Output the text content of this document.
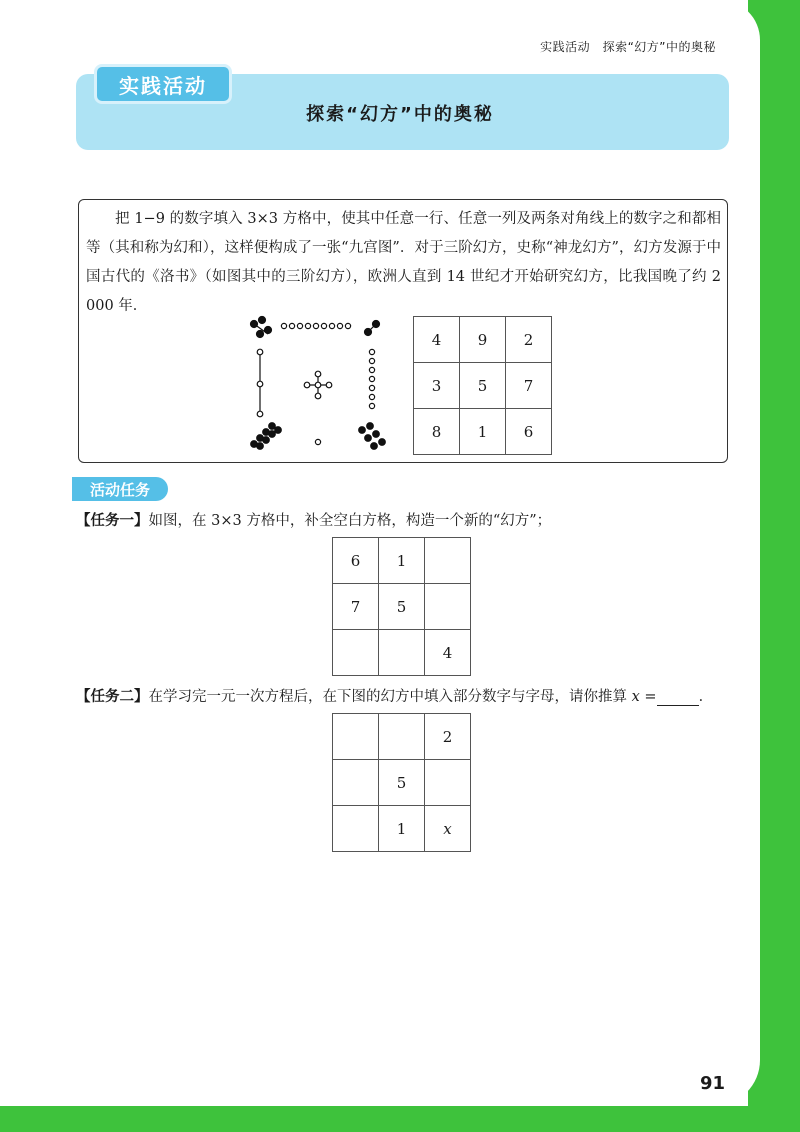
实践活动　探索“幻方”中的奥秘
实践活动
探索“幻方”中的奥秘
把 1−9 的数字填入 3×3 方格中，使其中任意一行、任意一列及两条对角线上的数字之和都相等（其和称为幻和），这样便构成了一张“九宫图”．对于三阶幻方，史称“神龙幻方”，幻方发源于中国古代的《洛书》（如图其中的三阶幻方），欧洲人直到 14 世纪才开始研究幻方，比我国晚了约 2 000 年．
4	9	2
3	5	7
8	1	6
活动任务
【任务一】如图，在 3×3 方格中，补全空白方格，构造一个新的“幻方”；
6	1	
7	5	
		4
【任务二】在学习完一元一次方程后，在下图的幻方中填入部分数字与字母，请你推算 x =	．
		2
	5	
	1	x
91
